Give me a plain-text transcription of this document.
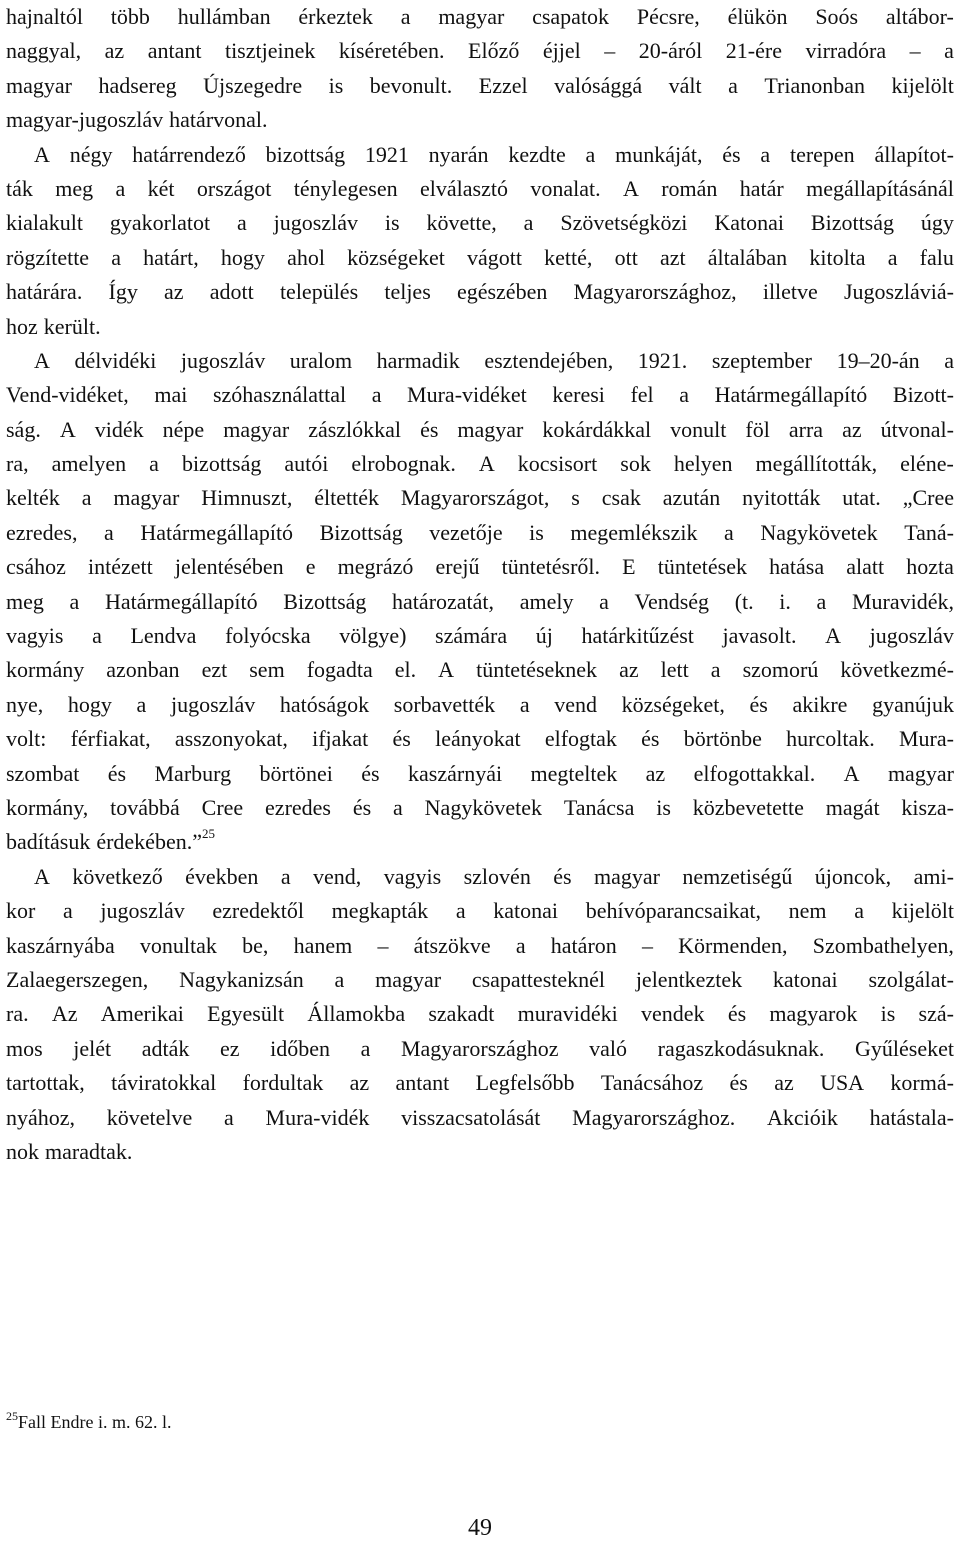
hajnaltól több hullámban érkeztek a magyar csapatok Pécsre, élükön Soós altábor-
naggyal, az antant tisztjeinek kíséretében. Előző éjjel – 20-áról 21-ére virradóra – a
magyar hadsereg Újszegedre is bevonult. Ezzel valósággá vált a Trianonban kijelölt
magyar-jugoszláv határvonal.
A négy határrendező bizottság 1921 nyarán kezdte a munkáját, és a terepen állapítot-
ták meg a két országot ténylegesen elválasztó vonalat. A román határ megállapításánál
kialakult gyakorlatot a jugoszláv is követte, a Szövetségközi Katonai Bizottság úgy
rögzítette a határt, hogy ahol községeket vágott ketté, ott azt általában kitolta a falu
határára. Így az adott település teljes egészében Magyarországhoz, illetve Jugoszláviá-
hoz került.
A délvidéki jugoszláv uralom harmadik esztendejében, 1921. szeptember 19–20-án a
Vend-vidéket, mai szóhasználattal a Mura-vidéket keresi fel a Határmegállapító Bizott-
ság. A vidék népe magyar zászlókkal és magyar kokárdákkal vonult föl arra az útvonal-
ra, amelyen a bizottság autói elrobognak. A kocsisort sok helyen megállították, eléne-
kelték a magyar Himnuszt, éltették Magyarországot, s csak azután nyitották utat. „Cree
ezredes, a Határmegállapító Bizottság vezetője is megemlékszik a Nagykövetek Taná-
csához intézett jelentésében e megrázó erejű tüntetésről. E tüntetések hatása alatt hozta
meg a Határmegállapító Bizottság határozatát, amely a Vendség (t. i. a Muravidék,
vagyis a Lendva folyócska völgye) számára új határkitűzést javasolt. A jugoszláv
kormány azonban ezt sem fogadta el. A tüntetéseknek az lett a szomorú következmé-
nye, hogy a jugoszláv hatóságok sorbavették a vend községeket, és akikre gyanújuk
volt: férfiakat, asszonyokat, ifjakat és leányokat elfogtak és börtönbe hurcoltak. Mura-
szombat és Marburg börtönei és kaszárnyái megteltek az elfogottakkal. A magyar
kormány, továbbá Cree ezredes és a Nagykövetek Tanácsa is közbevetette magát kisza-
badításuk érdekében.”$^{25}$
A következő években a vend, vagyis szlovén és magyar nemzetiségű újoncok, ami-
kor a jugoszláv ezredektől megkapták a katonai behívóparancsaikat, nem a kijelölt
kaszárnyába vonultak be, hanem – átszökve a határon – Körmenden, Szombathelyen,
Zalaegerszegen, Nagykanizsán a magyar csapattesteknél jelentkeztek katonai szolgálat-
ra. Az Amerikai Egyesült Államokba szakadt muravidéki vendek és magyarok is szá-
mos jelét adták ez időben a Magyarországhoz való ragaszkodásuknak. Gyűléseket
tartottak, táviratokkal fordultak az antant Legfelsőbb Tanácsához és az USA kormá-
nyához, követelve a Mura-vidék visszacsatolását Magyarországhoz. Akcióik hatástala-
nok maradtak.
$^{25}$Fall Endre i. m. 62. l.
49
